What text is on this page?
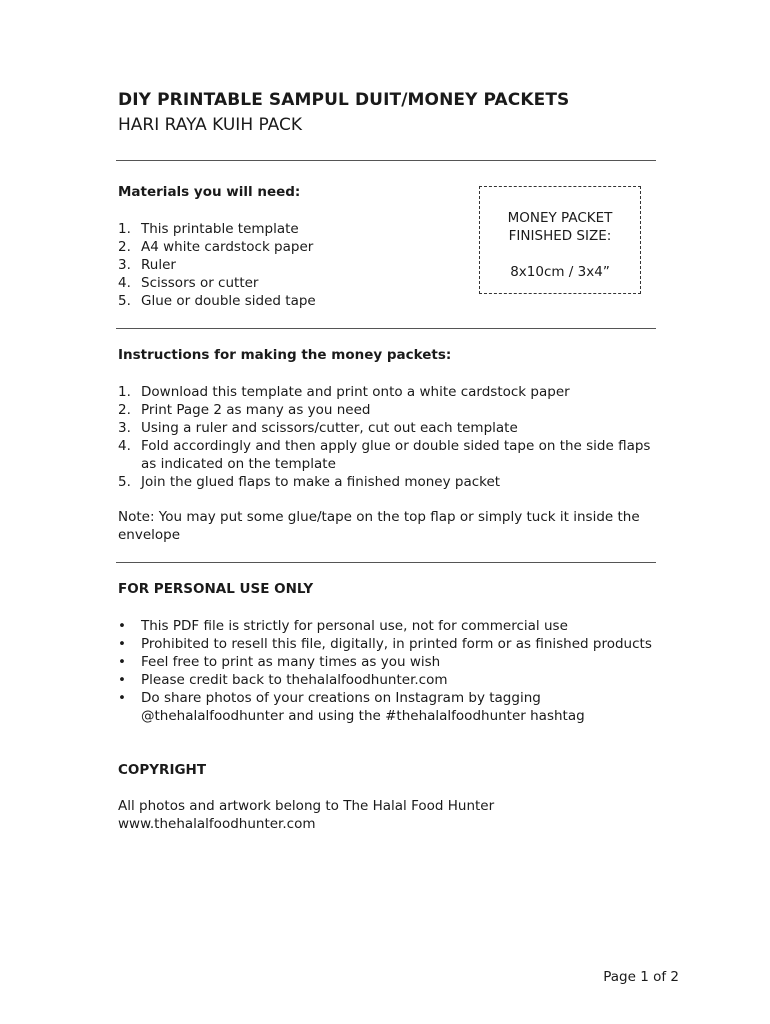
DIY PRINTABLE SAMPUL DUIT/MONEY PACKETS
HARI RAYA KUIH PACK
Materials you will need:
1. This printable template
2. A4 white cardstock paper
3. Ruler
4. Scissors or cutter
5. Glue or double sided tape
MONEY PACKET
FINISHED SIZE:
8x10cm / 3x4”
Instructions for making the money packets:
1. Download this template and print onto a white cardstock paper
2. Print Page 2 as many as you need
3. Using a ruler and scissors/cutter, cut out each template
4. Fold accordingly and then apply glue or double sided tape on the side flaps as indicated on the template
5. Join the glued flaps to make a finished money packet
Note: You may put some glue/tape on the top flap or simply tuck it inside the envelope
FOR PERSONAL USE ONLY
• This PDF file is strictly for personal use, not for commercial use
• Prohibited to resell this file, digitally, in printed form or as finished products
• Feel free to print as many times as you wish
• Please credit back to thehalalfoodhunter.com
• Do share photos of your creations on Instagram by tagging @thehalalfoodhunter and using the #thehalalfoodhunter hashtag
COPYRIGHT
All photos and artwork belong to The Halal Food Hunter
www.thehalalfoodhunter.com
Page 1 of 2
